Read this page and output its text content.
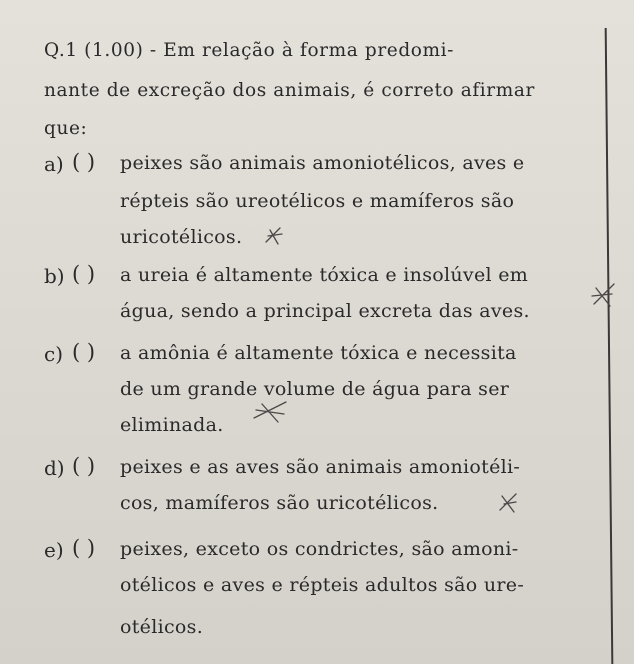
Q.1 (1.00) - Em relação à forma predomi-
nante de excreção dos animais, é correto afirmar
que:
a) ( ) peixes são animais amoniotélicos, aves e
répteis são ureotélicos e mamíferos são
uricotélicos.
b) ( ) a ureia é altamente tóxica e insolúvel em
água, sendo a principal excreta das aves.
c) ( ) a amônia é altamente tóxica e necessita
de um grande volume de água para ser
eliminada.
d) ( ) peixes e as aves são animais amoniotéli-
cos, mamíferos são uricotélicos.
e) ( ) peixes, exceto os condrictes, são amoni-
otélicos e aves e répteis adultos são ure-
otélicos.
